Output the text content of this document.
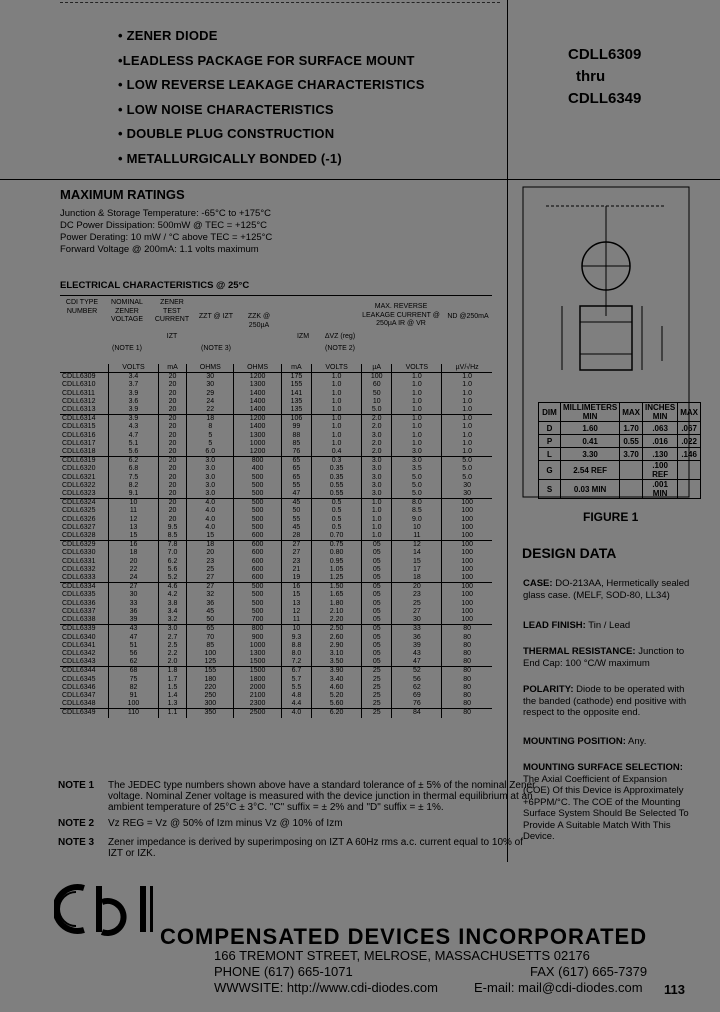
• ZENER DIODE
•LEADLESS PACKAGE FOR SURFACE MOUNT
• LOW REVERSE LEAKAGE CHARACTERISTICS
• LOW NOISE CHARACTERISTICS
• DOUBLE PLUG CONSTRUCTION
• METALLURGICALLY BONDED (-1)
CDLL6309
thru
CDLL6349
MAXIMUM RATINGS
Junction & Storage Temperature: -65°C to +175°C
DC Power Dissipation: 500mW @ TEC = +125°C
Power Derating: 10 mW / °C above TEC = +125°C
Forward Voltage @ 200mA: 1.1 volts maximum
ELECTRICAL CHARACTERISTICS @ 25°C
CDI TYPE NUMBER
NOMINAL ZENER VOLTAGE
(NOTE 1)
ZENER TEST CURRENT
IZT
ZZT @ IZT
(NOTE 3)
ZZK @ 250µA
IZM	ΔVZ (reg)
(NOTE 2)
MAX. REVERSE LEAKAGE CURRENT @ 250µA IR @ VR
ND @250mA
	VOLTS	mA	OHMS	OHMS	mA	VOLTS	µA	VOLTS	µV/√Hz
CDLL6309	3.4	20	30	1200	175	1.0	100	1.0	1.0
CDLL6310	3.7	20	30	1300	155	1.0	60	1.0	1.0
CDLL6311	3.9	20	29	1400	141	1.0	50	1.0	1.0
CDLL6312	3.6	20	24	1400	135	1.0	10	1.0	1.0
CDLL6313	3.9	20	22	1400	135	1.0	5.0	1.0	1.0
CDLL6314	3.9	20	18	1200	106	1.0	2.0	1.0	1.0
CDLL6315	4.3	20	8	1400	99	1.0	2.0	1.0	1.0
CDLL6316	4.7	20	5	1300	88	1.0	3.0	1.0	1.0
CDLL6317	5.1	20	5	1000	85	1.0	2.0	1.0	1.0
CDLL6318	5.6	20	6.0	1200	76	0.4	2.0	3.0	1.0
CDLL6319	6.2	20	3.0	800	65	0.3	3.0	3.0	5.0
CDLL6320	6.8	20	3.0	400	65	0.35	3.0	3.5	5.0
CDLL6321	7.5	20	3.0	500	65	0.35	3.0	5.0	5.0
CDLL6322	8.2	20	3.0	500	55	0.55	3.0	5.0	30
CDLL6323	9.1	20	3.0	500	47	0.55	3.0	5.0	30
CDLL6324	10	20	4.0	500	45	0.5	1.0	8.0	100
CDLL6325	11	20	4.0	500	50	0.5	1.0	8.5	100
CDLL6326	12	20	4.0	500	55	0.5	1.0	9.0	100
CDLL6327	13	9.5	4.0	500	45	0.5	1.0	10	100
CDLL6328	15	8.5	15	600	28	0.70	1.0	11	100
CDLL6329	16	7.8	18	600	27	0.75	05	12	100
CDLL6330	18	7.0	20	600	27	0.80	05	14	100
CDLL6331	20	6.2	23	600	23	0.95	05	15	100
CDLL6332	22	5.6	25	600	21	1.05	05	17	100
CDLL6333	24	5.2	27	600	19	1.25	05	18	100
CDLL6334	27	4.6	27	500	16	1.50	05	20	100
CDLL6335	30	4.2	32	500	15	1.65	05	23	100
CDLL6336	33	3.8	36	500	13	1.80	05	25	100
CDLL6337	36	3.4	45	500	12	2.10	05	27	100
CDLL6338	39	3.2	50	700	11	2.20	05	30	100
CDLL6339	43	3.0	65	800	10	2.50	05	33	80
CDLL6340	47	2.7	70	900	9.3	2.60	05	36	80
CDLL6341	51	2.5	85	1000	8.8	2.90	05	39	80
CDLL6342	56	2.2	100	1300	8.0	3.10	05	43	80
CDLL6343	62	2.0	125	1500	7.2	3.50	05	47	80
CDLL6344	68	1.8	155	1500	6.7	3.90	25	52	80
CDLL6345	75	1.7	180	1800	5.7	3.40	25	56	80
CDLL6346	82	1.5	220	2000	5.5	4.60	25	62	80
CDLL6347	91	1.4	250	2100	4.8	5.20	25	69	80
CDLL6348	100	1.3	300	2300	4.4	5.60	25	76	80
CDLL6349	110	1.1	350	2500	4.0	6.20	25	84	80
NOTE 1 The JEDEC type numbers shown above have a standard tolerance of ± 5% of the nominal Zener voltage. Nominal Zener voltage is measured with the device junction in thermal equilibrium at an ambient temperature of 25°C ± 3°C. "C" suffix = ± 2% and "D" suffix = ± 1%.
NOTE 2 Vz REG = Vz @ 50% of Izm minus Vz @ 10% of Izm
NOTE 3 Zener impedance is derived by superimposing on IZT A 60Hz rms a.c. current equal to 10% of IZT or IZK.
DIM	MILLIMETERS MIN	MAX	INCHES MIN	MAX
D	1.60	1.70	.063	.067
P	0.41	0.55	.016	.022
L	3.30	3.70	.130	.146
G	2.54 REF		.100 REF	
S	0.03 MIN		.001 MIN	
FIGURE 1
DESIGN DATA
CASE: DO-213AA, Hermetically sealed glass case. (MELF, SOD-80, LL34)
LEAD FINISH: Tin / Lead
THERMAL RESISTANCE: Junction to End Cap: 100 °C/W maximum
POLARITY: Diode to be operated with the banded (cathode) end positive with respect to the opposite end.
MOUNTING POSITION: Any.
MOUNTING SURFACE SELECTION: The Axial Coefficient of Expansion (COE) Of this Device is Approximately +6PPM/°C. The COE of the Mounting Surface System Should Be Selected To Provide A Suitable Match With This Device.
COMPENSATED DEVICES INCORPORATED
166 TREMONT STREET, MELROSE, MASSACHUSETTS 02176
PHONE (617) 665-1071	FAX (617) 665-7379
WWWSITE: http://www.cdi-diodes.com	E-mail: mail@cdi-diodes.com 113
